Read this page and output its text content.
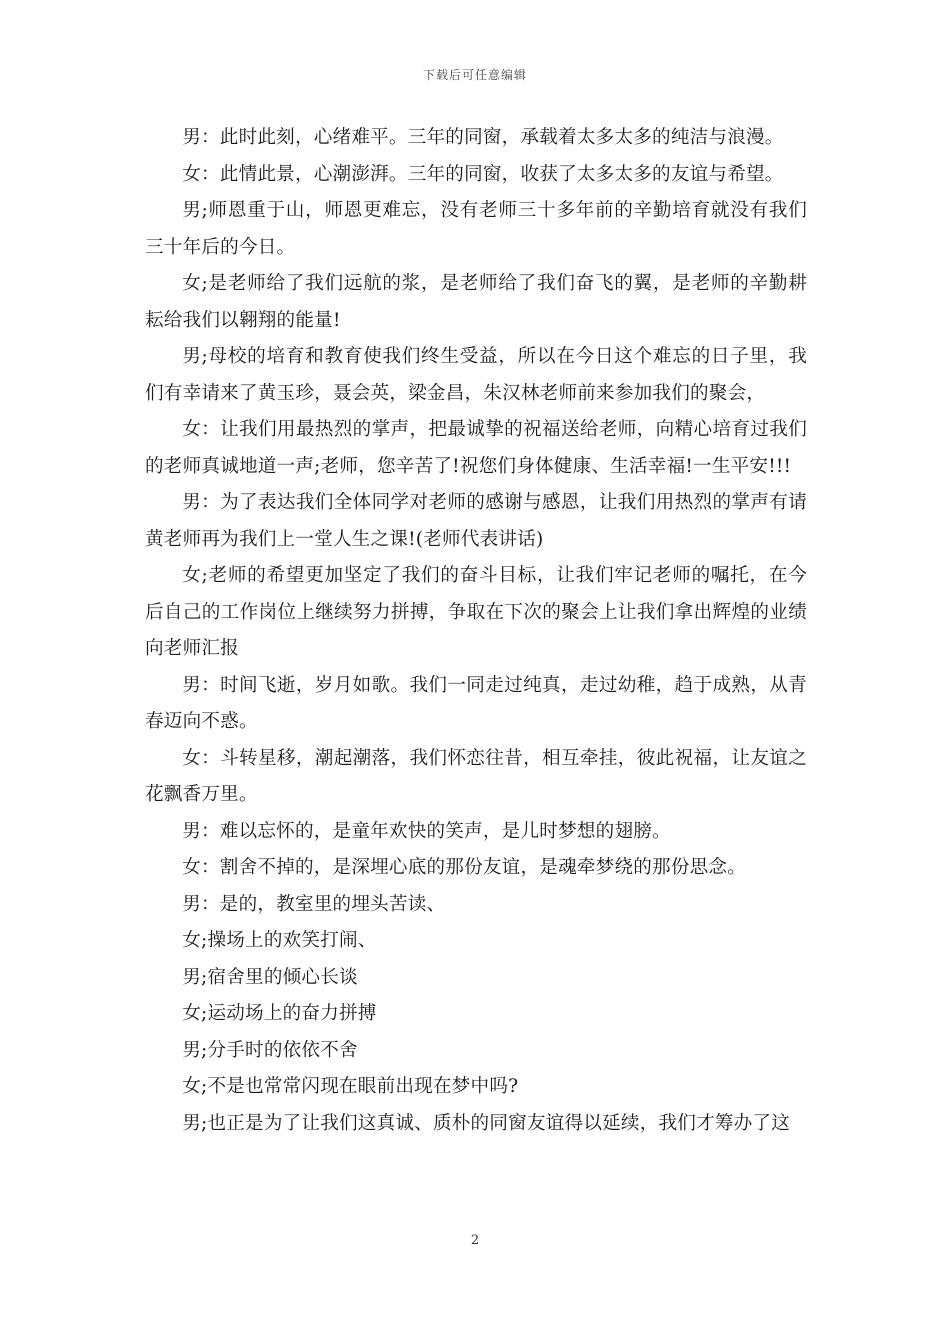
下载后可任意编辑

男：此时此刻，心绪难平。三年的同窗，承载着太多太多的纯洁与浪漫。

女：此情此景，心潮澎湃。三年的同窗，收获了太多太多的友谊与希望。

男;师恩重于山，师恩更难忘，没有老师三十多年前的辛勤培育就没有我们三十年后的今日。

女;是老师给了我们远航的浆，是老师给了我们奋飞的翼，是老师的辛勤耕耘给我们以翱翔的能量!

男;母校的培育和教育使我们终生受益，所以在今日这个难忘的日子里，我们有幸请来了黄玉珍，聂会英，梁金昌，朱汉林老师前来参加我们的聚会，

女：让我们用最热烈的掌声，把最诚挚的祝福送给老师，向精心培育过我们的老师真诚地道一声;老师，您辛苦了!祝您们身体健康、生活幸福!一生平安!!!

男：为了表达我们全体同学对老师的感谢与感恩，让我们用热烈的掌声有请黄老师再为我们上一堂人生之课!(老师代表讲话)

女;老师的希望更加坚定了我们的奋斗目标，让我们牢记老师的嘱托，在今后自己的工作岗位上继续努力拼搏，争取在下次的聚会上让我们拿出辉煌的业绩向老师汇报

男：时间飞逝，岁月如歌。我们一同走过纯真，走过幼稚，趋于成熟，从青春迈向不惑。

女：斗转星移，潮起潮落，我们怀恋往昔，相互牵挂，彼此祝福，让友谊之花飘香万里。

男：难以忘怀的，是童年欢快的笑声，是儿时梦想的翅膀。

女：割舍不掉的，是深埋心底的那份友谊，是魂牵梦绕的那份思念。

男：是的，教室里的埋头苦读、

女;操场上的欢笑打闹、

男;宿舍里的倾心长谈

女;运动场上的奋力拼搏

男;分手时的依依不舍

女;不是也常常闪现在眼前出现在梦中吗?

男;也正是为了让我们这真诚、质朴的同窗友谊得以延续，我们才筹办了这

2
